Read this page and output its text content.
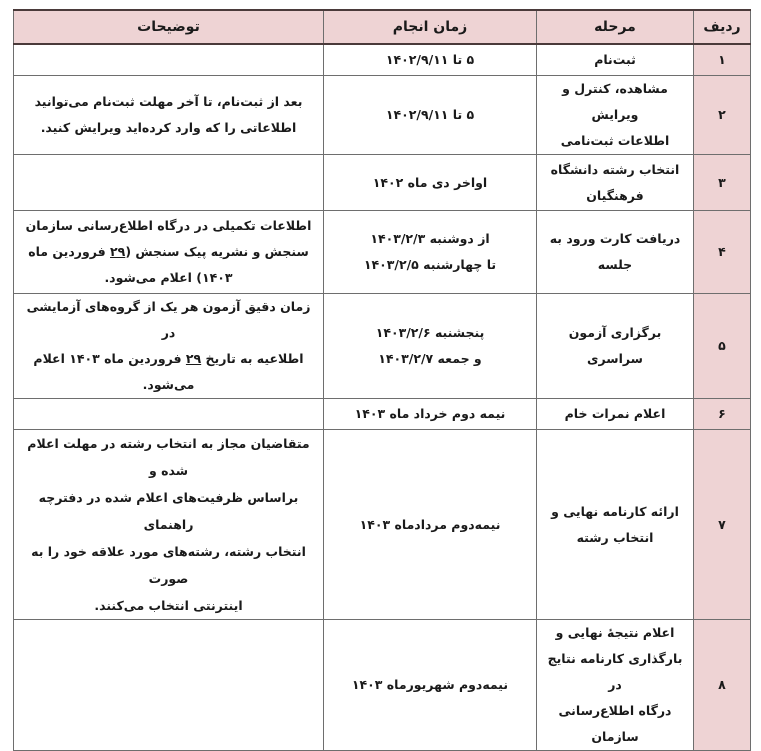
ردیف	مرحله	زمان انجام	توضیحات
۱	ثبت‌نام	۵ تا ۱۴۰۲/۹/۱۱	

۲	مشاهده، کنترل و ویرایش
اطلاعات ثبت‌نامی	۵ تا ۱۴۰۲/۹/۱۱	بعد از ثبت‌نام، تا آخر مهلت ثبت‌نام می‌توانید
اطلاعاتی را که وارد کرده‌اید ویرایش کنید.

۳	انتخاب رشته دانشگاه
فرهنگیان	اواخر دی ماه ۱۴۰۲	

۴	دریافت کارت ورود به جلسه	از دوشنبه ۱۴۰۳/۲/۳
تا چهارشنبه ۱۴۰۳/۲/۵	اطلاعات تکمیلی در درگاه اطلاع‌رسانی سازمان
سنجش و نشریه پیک سنجش (۲۹ فروردین ماه
۱۴۰۳) اعلام می‌شود.

۵	برگزاری آزمون سراسری	پنجشنبه ۱۴۰۳/۲/۶
و جمعه ۱۴۰۳/۲/۷	زمان دقیق آزمون هر یک از گروه‌های آزمایشی در
اطلاعیه به تاریخ ۲۹ فروردین ماه ۱۴۰۳ اعلام می‌شود.

۶	اعلام نمرات خام	نیمه دوم خرداد ماه ۱۴۰۳	

۷	ارائه کارنامه نهایی و
انتخاب رشته	نیمه‌دوم مردادماه ۱۴۰۳	متقاضیان مجاز به انتخاب رشته در مهلت اعلام شده و
براساس ظرفیت‌های اعلام شده در دفترچه راهنمای
انتخاب رشته، رشته‌های مورد علاقه خود را به صورت
اینترنتی انتخاب می‌کنند.

۸	اعلام نتیجهٔ نهایی و
بارگذاری کارنامه نتایج در
درگاه اطلاع‌رسانی سازمان	نیمه‌دوم شهریورماه ۱۴۰۳	
